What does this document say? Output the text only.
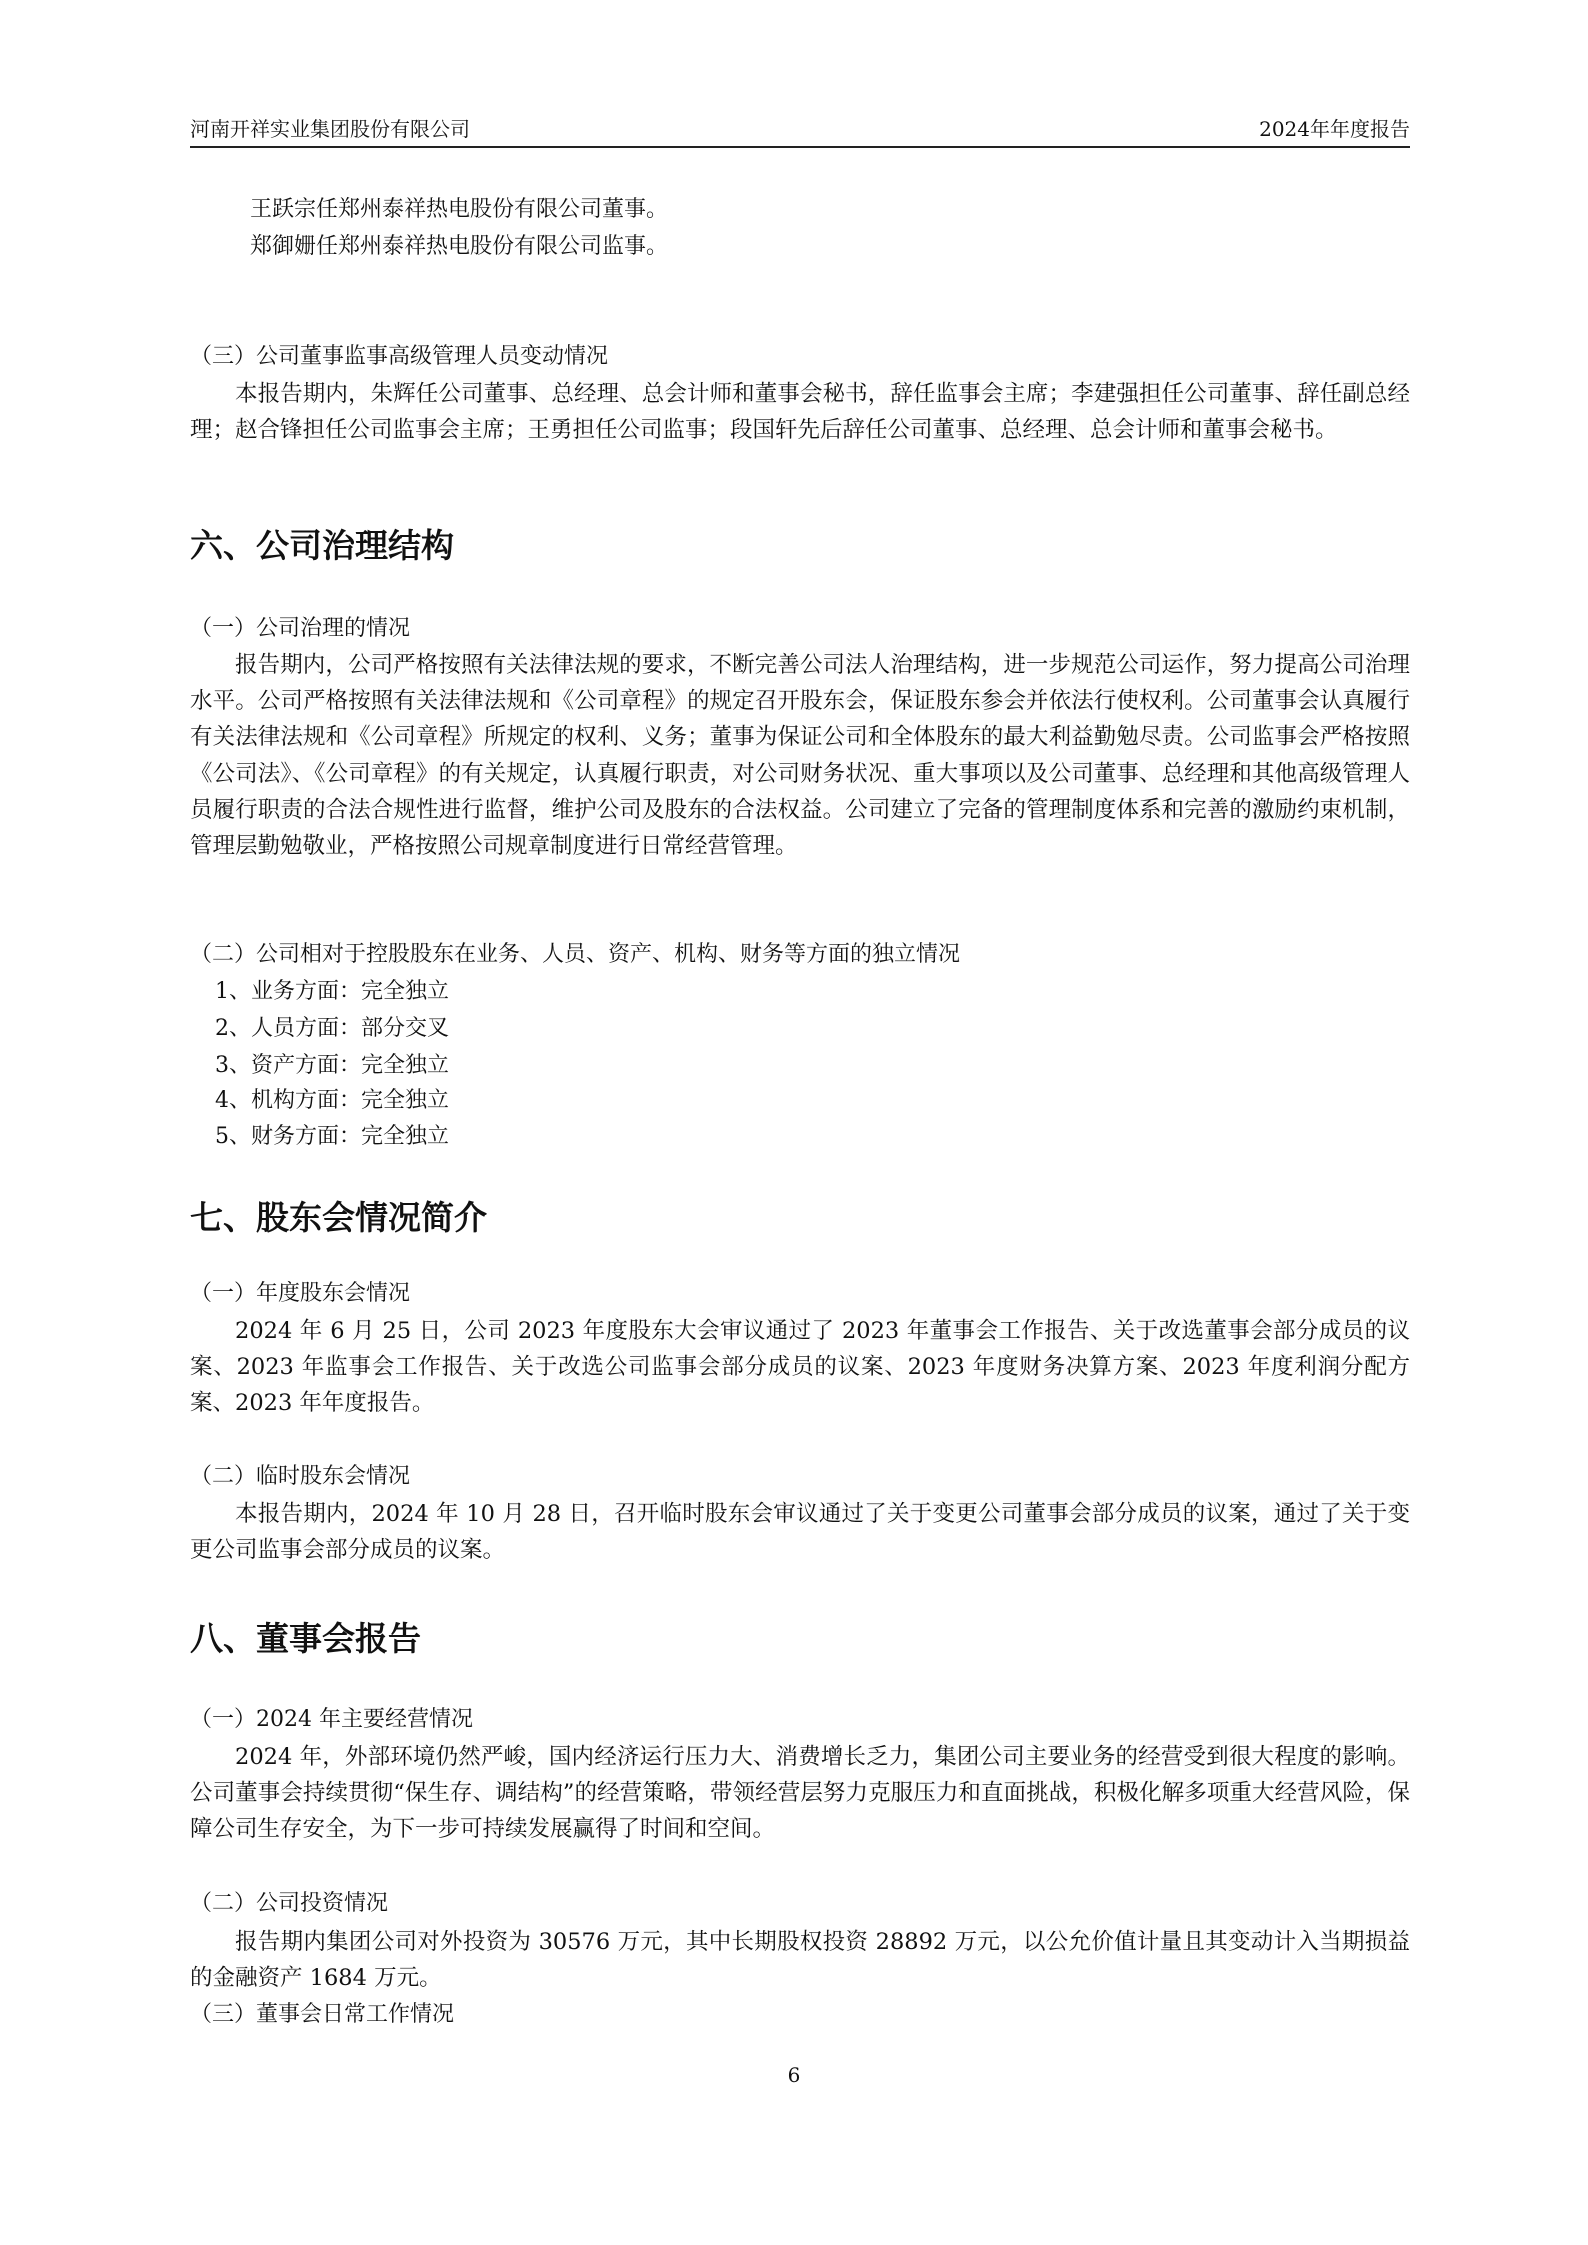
河南开祥实业集团股份有限公司	2024年年度报告
王跃宗任郑州泰祥热电股份有限公司董事。
郑御姗任郑州泰祥热电股份有限公司监事。
（三）公司董事监事高级管理人员变动情况

本报告期内，朱辉任公司董事、总经理、总会计师和董事会秘书，辞任监事会主席；李建强担任公司董事、辞任副总经理；赵合锋担任公司监事会主席；王勇担任公司监事；段国轩先后辞任公司董事、总经理、总会计师和董事会秘书。

六、公司治理结构
（一）公司治理的情况

报告期内，公司严格按照有关法律法规的要求，不断完善公司法人治理结构，进一步规范公司运作，努力提高公司治理水平。公司严格按照有关法律法规和《公司章程》的规定召开股东会，保证股东参会并依法行使权利。公司董事会认真履行有关法律法规和《公司章程》所规定的权利、义务；董事为保证公司和全体股东的最大利益勤勉尽责。公司监事会严格按照《公司法》、《公司章程》的有关规定，认真履行职责，对公司财务状况、重大事项以及公司董事、总经理和其他高级管理人员履行职责的合法合规性进行监督，维护公司及股东的合法权益。公司建立了完备的管理制度体系和完善的激励约束机制，管理层勤勉敬业，严格按照公司规章制度进行日常经营管理。

（二）公司相对于控股股东在业务、人员、资产、机构、财务等方面的独立情况
1、业务方面：完全独立
2、人员方面：部分交叉
3、资产方面：完全独立
4、机构方面：完全独立
5、财务方面：完全独立
七、股东会情况简介
（一）年度股东会情况

2024 年 6 月 25 日，公司 2023 年度股东大会审议通过了 2023 年董事会工作报告、关于改选董事会部分成员的议案、2023 年监事会工作报告、关于改选公司监事会部分成员的议案、2023 年度财务决算方案、2023 年度利润分配方案、2023 年年度报告。

（二）临时股东会情况

本报告期内，2024 年 10 月 28 日，召开临时股东会审议通过了关于变更公司董事会部分成员的议案，通过了关于变更公司监事会部分成员的议案。

八、董事会报告
（一）2024 年主要经营情况

2024 年，外部环境仍然严峻，国内经济运行压力大、消费增长乏力，集团公司主要业务的经营受到很大程度的影响。公司董事会持续贯彻“保生存、调结构”的经营策略，带领经营层努力克服压力和直面挑战，积极化解多项重大经营风险，保障公司生存安全，为下一步可持续发展赢得了时间和空间。

（二）公司投资情况

报告期内集团公司对外投资为 30576 万元，其中长期股权投资 28892 万元，以公允价值计量且其变动计入当期损益的金融资产 1684 万元。

（三）董事会日常工作情况
6
